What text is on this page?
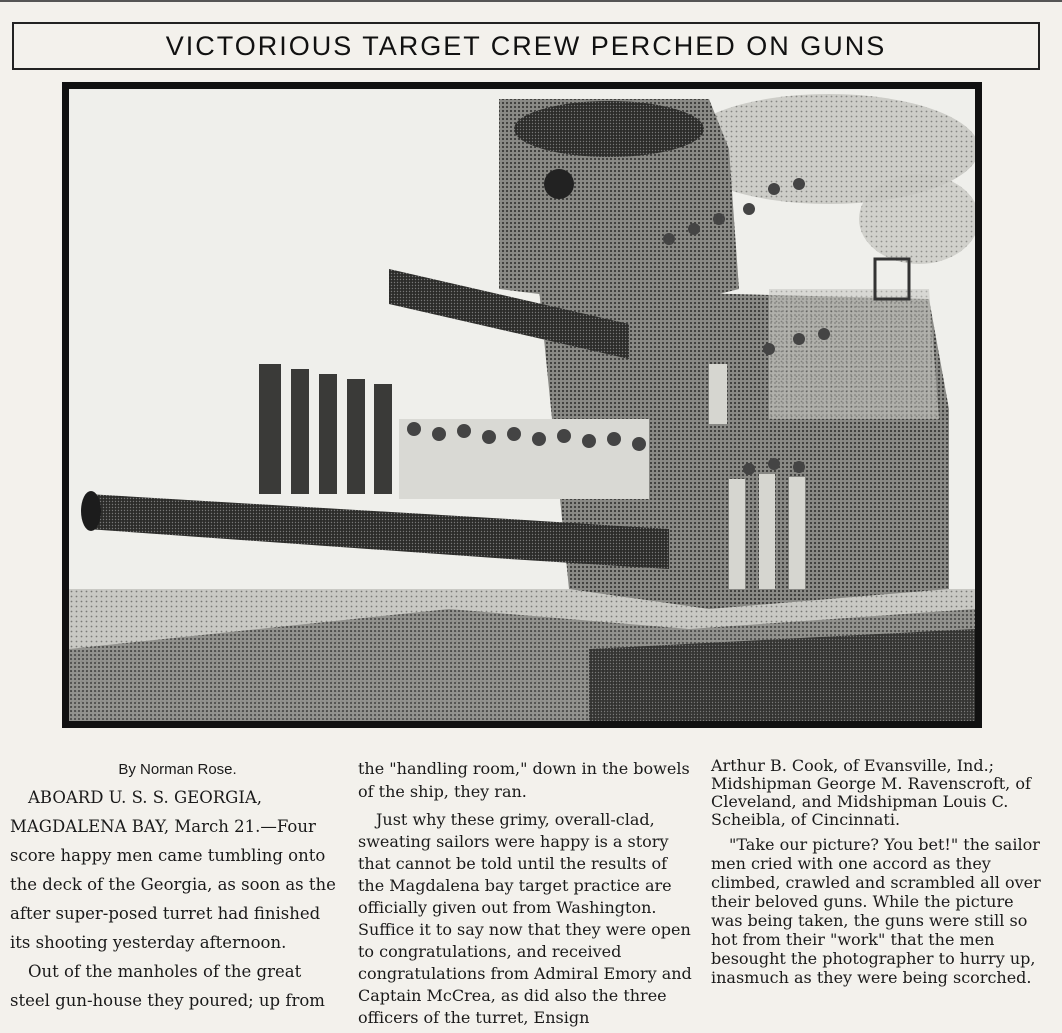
VICTORIOUS TARGET CREW PERCHED ON GUNS

By Norman Rose.

ABOARD U. S. S. GEORGIA, MAGDALENA BAY, March 21.—Four score happy men came tumbling onto the deck of the Georgia, as soon as the after super-posed turret had finished its shooting yesterday afternoon.

Out of the manholes of the great steel gun-house they poured; up from

the "handling room," down in the bowels of the ship, they ran.

Just why these grimy, overall-clad, sweating sailors were happy is a story that cannot be told until the results of the Magdalena bay target practice are officially given out from Washington. Suffice it to say now that they were open to congratulations, and received congratulations from Admiral Emory and Captain McCrea, as did also the three officers of the turret, Ensign

Arthur B. Cook, of Evansville, Ind.; Midshipman George M. Ravenscroft, of Cleveland, and Midshipman Louis C. Scheibla, of Cincinnati.

"Take our picture? You bet!" the sailor men cried with one accord as they climbed, crawled and scrambled all over their beloved guns. While the picture was being taken, the guns were still so hot from their "work" that the men besought the photographer to hurry up, inasmuch as they were being scorched.
